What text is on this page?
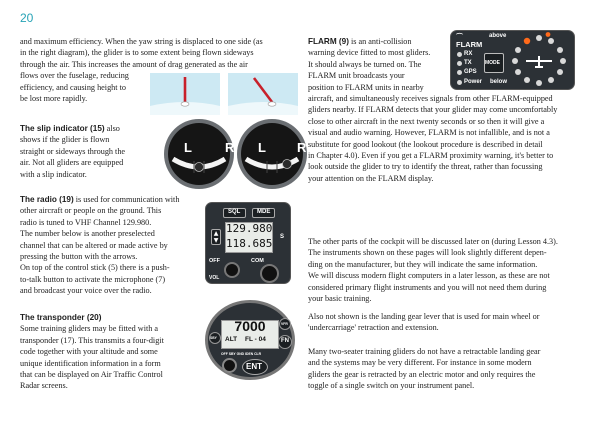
20
and maximum efficiency. When the yaw string is displaced to one side (as
in the right diagram), the glider is to some extent being flown sideways
through the air. This increases the amount of drag generated as the air
flows over the fuselage, reducing
efficiency, and causing height to
be lost more rapidly.
The slip indicator (15) also
shows if the glider is flown
straight or sideways through the
air. Not all gliders are equipped
with a slip indicator.
L	R L R
The radio (19) is used for communication with
other aircraft or people on the ground. This
radio is tuned to VHF Channel 129.980.
The number below is another preselected
channel that can be altered or made active by
pressing the button with the arrows.
On top of the control stick (5) there is a push-
to-talk button to activate the microphone (7)
and broadcast your voice over the radio.
SQL	MDE
129.980
118.685
▲
▼	S
OFF	COM
VOL
The transponder (20)
Some training gliders may be fitted with a
transponder (17). This transmits a four-digit
code together with your altitude and some
unique identification information in a form
that can be displayed on Air Traffic Control
Radar screens.
7000
ALT FL - 04
OFF SBY GND IDEN CLR
SBY
VFR
FN
ENT
FLARM (9) is an anti-collision
warning device fitted to most gliders.
It should always be turned on. The
FLARM unit broadcasts your
position to FLARM units in nearby
aircraft, and simultaneously receives signals from other FLARM-equipped
gliders nearby. If FLARM detects that your glider may come uncomfortably
close to other aircraft in the next twenty seconds or so then it will give a
visual and audio warning. However, FLARM is not infallible, and is not a
substitute for good lookout (the lookout procedure is described in detail
in Chapter 4.0). Even if you get a FLARM proximity warning, it's better to
look outside the glider to try to identify the threat, rather than focussing
your attention on the FLARM display.
⌒
FLARM
above
below
RX
TX
GPS
Power
MODE
The other parts of the cockpit will be discussed later on (during Lesson 4.3).
The instruments shown on these pages will look slightly different depen-
ding on the manufacturer, but they will indicate the same information.
We will discuss modern flight computers in a later lesson, as these are not
considered primary flight instruments and you will not need them during
your basic training.
Also not shown is the landing gear lever that is used for main wheel or
'undercarriage' retraction and extension.
Many two-seater training gliders do not have a retractable landing gear
and the systems may be very different. For instance in some modern
gliders the gear is retracted by an electric motor and only requires the
toggle of a single switch on your instrument panel.
